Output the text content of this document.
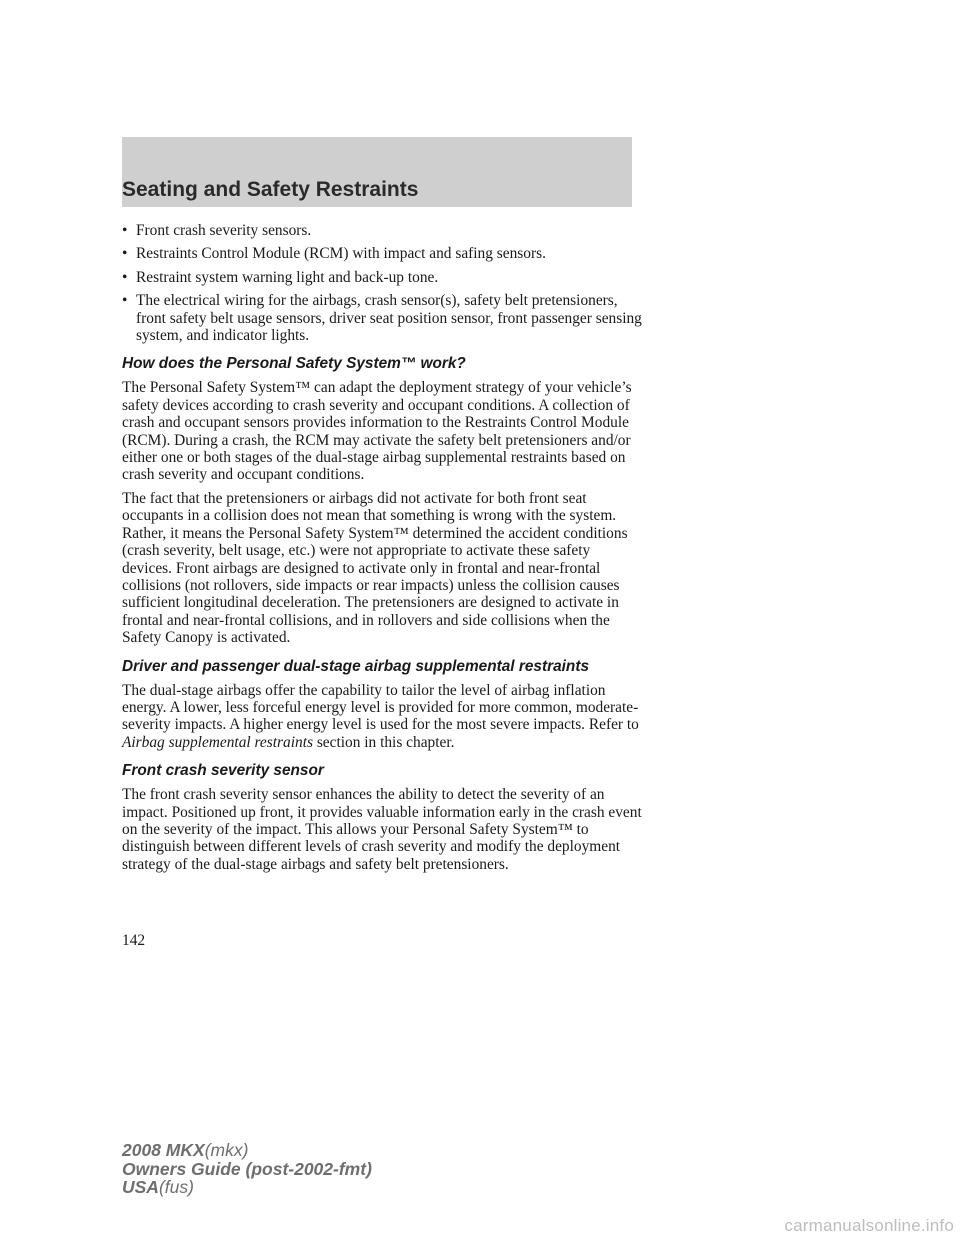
Seating and Safety Restraints
• Front crash severity sensors.
• Restraints Control Module (RCM) with impact and safing sensors.
• Restraint system warning light and back-up tone.
• The electrical wiring for the airbags, crash sensor(s), safety belt pretensioners, front safety belt usage sensors, driver seat position sensor, front passenger sensing system, and indicator lights.
How does the Personal Safety System™ work?

The Personal Safety System™ can adapt the deployment strategy of your vehicle’s safety devices according to crash severity and occupant conditions. A collection of crash and occupant sensors provides information to the Restraints Control Module (RCM). During a crash, the RCM may activate the safety belt pretensioners and/or either one or both stages of the dual-stage airbag supplemental restraints based on crash severity and occupant conditions.

The fact that the pretensioners or airbags did not activate for both front seat occupants in a collision does not mean that something is wrong with the system. Rather, it means the Personal Safety System™ determined the accident conditions (crash severity, belt usage, etc.) were not appropriate to activate these safety devices. Front airbags are designed to activate only in frontal and near-frontal collisions (not rollovers, side impacts or rear impacts) unless the collision causes sufficient longitudinal deceleration. The pretensioners are designed to activate in frontal and near-frontal collisions, and in rollovers and side collisions when the Safety Canopy is activated.

Driver and passenger dual-stage airbag supplemental restraints

The dual-stage airbags offer the capability to tailor the level of airbag inflation energy. A lower, less forceful energy level is provided for more common, moderate-severity impacts. A higher energy level is used for the most severe impacts. Refer to Airbag supplemental restraints section in this chapter.

Front crash severity sensor

The front crash severity sensor enhances the ability to detect the severity of an impact. Positioned up front, it provides valuable information early in the crash event on the severity of the impact. This allows your Personal Safety System™ to distinguish between different levels of crash severity and modify the deployment strategy of the dual-stage airbags and safety belt pretensioners.

142
2008 MKX(mkx)
Owners Guide (post-2002-fmt)
USA(fus)
carmanualsonline.info
